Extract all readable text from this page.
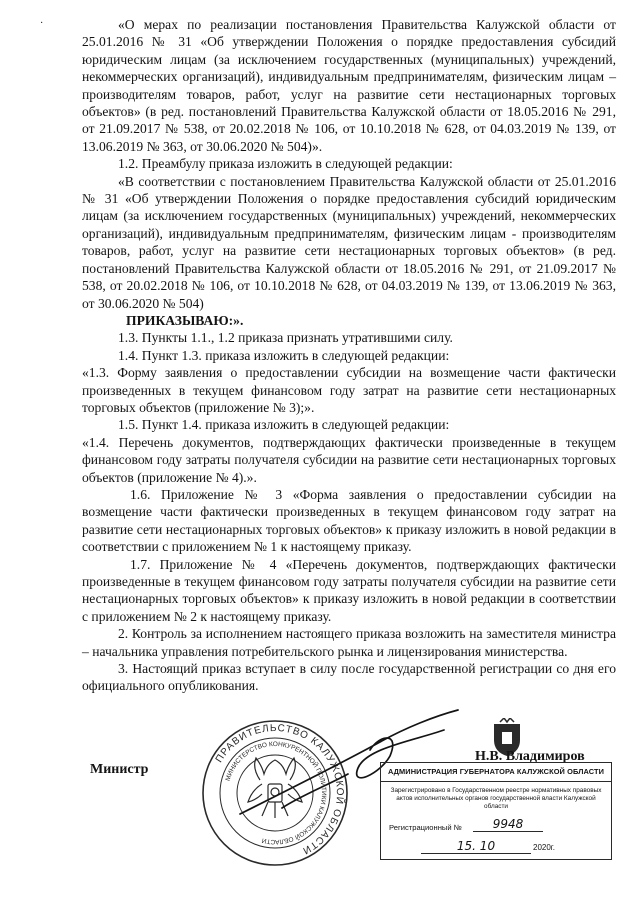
·	«О мерах по реализации постановления Правительства Калужской области от 25.01.2016 № 31 «Об утверждении Положения о порядке предоставления субсидий юридическим лицам (за исключением государственных (муниципальных) учреждений, некоммерческих организаций), индивидуальным предпринимателям, физическим лицам – производителям товаров, работ, услуг на развитие сети нестационарных торговых объектов» (в ред. постановлений Правительства Калужской области от 18.05.2016 № 291, от 21.09.2017 № 538, от 20.02.2018 № 106, от 10.10.2018 № 628, от 04.03.2019 № 139, от 13.06.2019 № 363, от 30.06.2020 № 504)».

1.2. Преамбулу приказа изложить в следующей редакции:

«В соответствии с постановлением Правительства Калужской области от 25.01.2016 № 31 «Об утверждении Положения о порядке предоставления субсидий юридическим лицам (за исключением государственных (муниципальных) учреждений, некоммерческих организаций), индивидуальным предпринимателям, физическим лицам - производителям товаров, работ, услуг на развитие сети нестационарных торговых объектов» (в ред. постановлений Правительства Калужской области от 18.05.2016 № 291, от 21.09.2017 № 538, от 20.02.2018 № 106, от 10.10.2018 № 628, от 04.03.2019 № 139, от 13.06.2019 № 363, от 30.06.2020 № 504)

ПРИКАЗЫВАЮ:».

1.3. Пункты 1.1., 1.2 приказа признать утратившими силу.

1.4. Пункт 1.3. приказа изложить в следующей редакции:

«1.3. Форму заявления о предоставлении субсидии на возмещение части фактически произведенных в текущем финансовом году затрат на развитие сети нестационарных торговых объектов (приложение № 3);».

1.5. Пункт 1.4. приказа изложить в следующей редакции:

«1.4. Перечень документов, подтверждающих фактически произведенные в текущем финансовом году затраты получателя субсидии на развитие сети нестационарных торговых объектов (приложение № 4).».

1.6. Приложение № 3 «Форма заявления о предоставлении субсидии на возмещение части фактически произведенных в текущем финансовом году затрат на развитие сети нестационарных торговых объектов» к приказу изложить в новой редакции в соответствии с приложением № 1 к настоящему приказу.

1.7. Приложение № 4 «Перечень документов, подтверждающих фактически произведенные в текущем финансовом году затраты получателя субсидии на развитие сети нестационарных торговых объектов» к приказу изложить в новой редакции в соответствии с приложением № 2 к настоящему приказу.

2. Контроль за исполнением настоящего приказа возложить на заместителя министра – начальника управления потребительского рынка и лицензирования министерства.

3. Настоящий приказ вступает в силу после государственной регистрации со дня его официального опубликования.

Министр
ПРАВИТЕЛЬСТВО КАЛУЖСКОЙ ОБЛАСТИ
МИНИСТЕРСТВО КОНКУРЕНТНОЙ ПОЛИТИКИ КАЛУЖСКОЙ ОБЛАСТИ
Н.В. Владимиров
АДМИНИСТРАЦИЯ ГУБЕРНАТОРА КАЛУЖСКОЙ ОБЛАСТИ
Зарегистрировано в Государственном реестре нормативных правовых актов исполнительных органов государственной власти Калужской области
Регистрационный №	9948
15. 10	2020г.
